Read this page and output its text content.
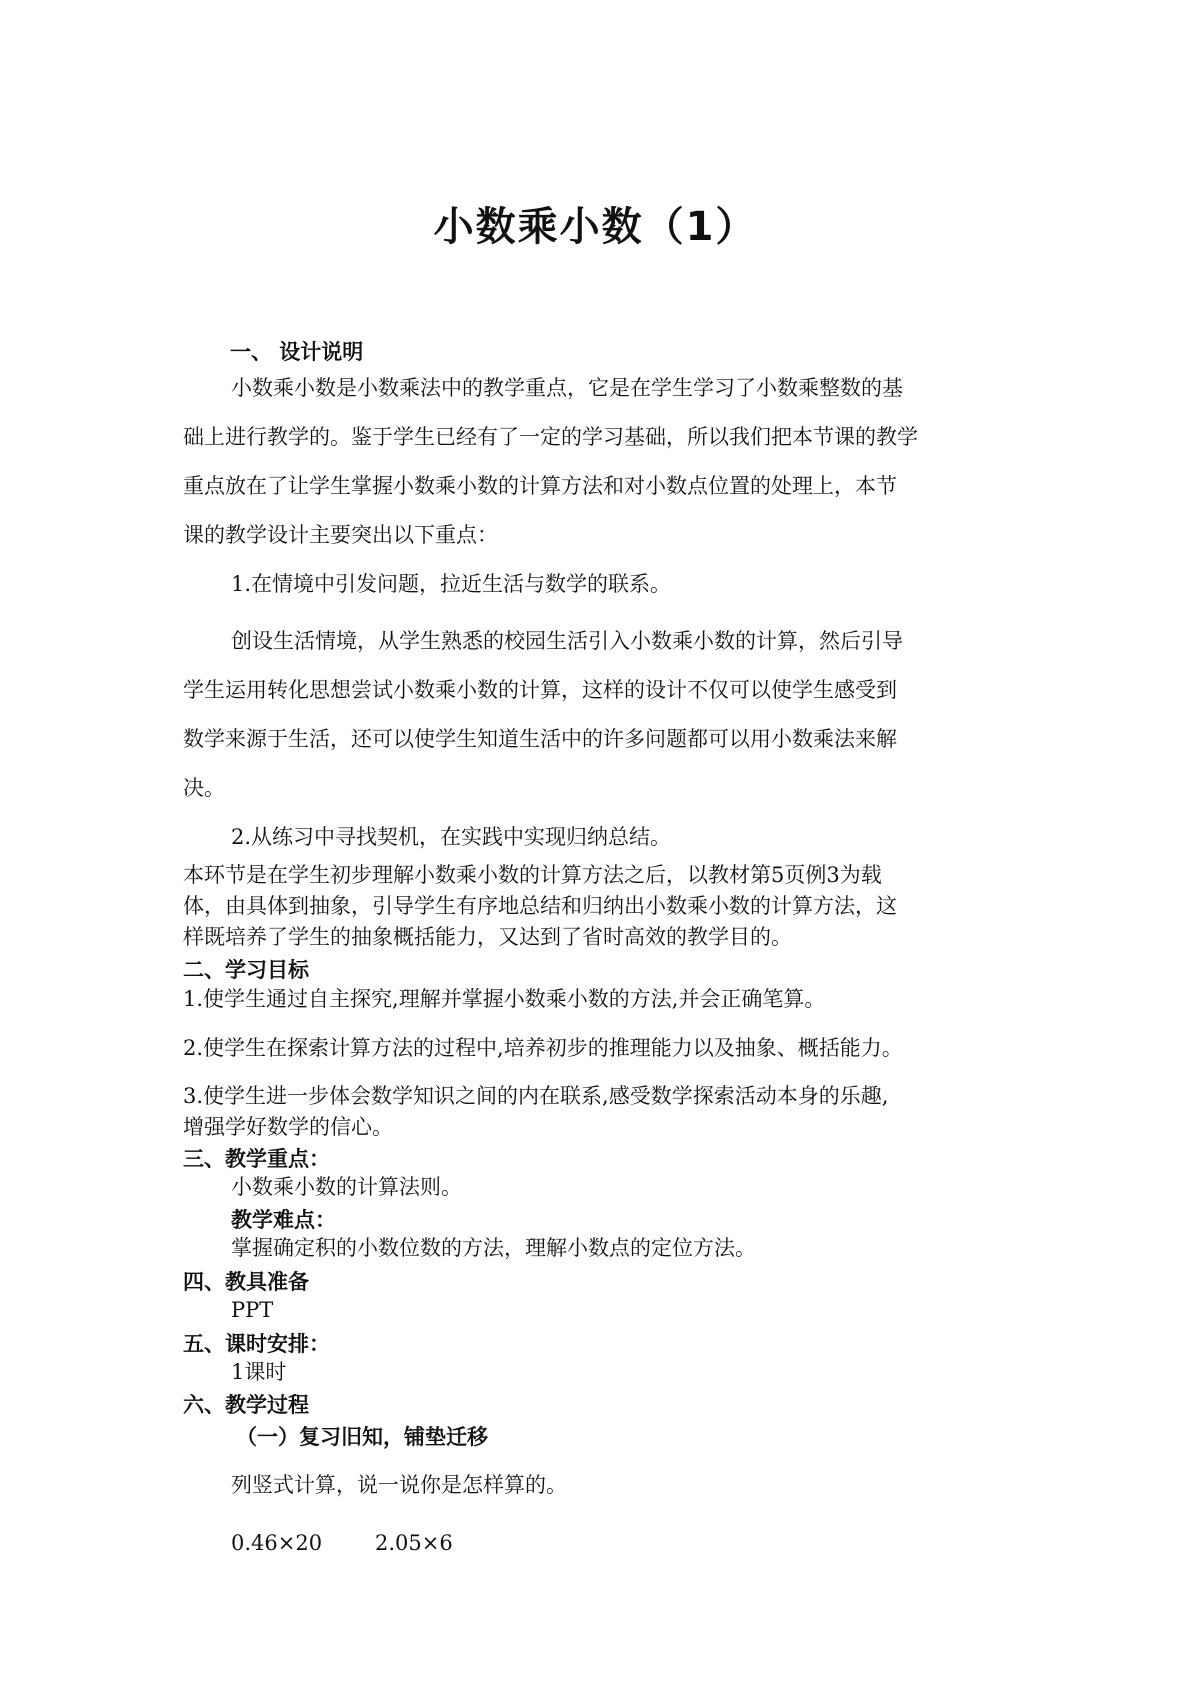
小数乘小数（1）
一、 设计说明

小数乘小数是小数乘法中的教学重点，它是在学生学习了小数乘整数的基

础上进行教学的。鉴于学生已经有了一定的学习基础，所以我们把本节课的教学

重点放在了让学生掌握小数乘小数的计算方法和对小数点位置的处理上，本节

课的教学设计主要突出以下重点：

1.在情境中引发问题，拉近生活与数学的联系。

创设生活情境，从学生熟悉的校园生活引入小数乘小数的计算，然后引导

学生运用转化思想尝试小数乘小数的计算，这样的设计不仅可以使学生感受到

数学来源于生活，还可以使学生知道生活中的许多问题都可以用小数乘法来解

决。

2.从练习中寻找契机，在实践中实现归纳总结。

本环节是在学生初步理解小数乘小数的计算方法之后，以教材第5页例3为载

体，由具体到抽象，引导学生有序地总结和归纳出小数乘小数的计算方法，这

样既培养了学生的抽象概括能力，又达到了省时高效的教学目的。

二、学习目标
1.使学生通过自主探究,理解并掌握小数乘小数的方法,并会正确笔算。
2.使学生在探索计算方法的过程中,培养初步的推理能力以及抽象、概括能力。

3.使学生进一步体会数学知识之间的内在联系,感受数学探索活动本身的乐趣,

增强学好数学的信心。

三、教学重点：
小数乘小数的计算法则。
教学难点：
掌握确定积的小数位数的方法，理解小数点的定位方法。
四、教具准备
PPT
五、课时安排：
1课时
六、教学过程
（一）复习旧知，铺垫迁移
列竖式计算，说一说你是怎样算的。
0.46×20	2.05×6
